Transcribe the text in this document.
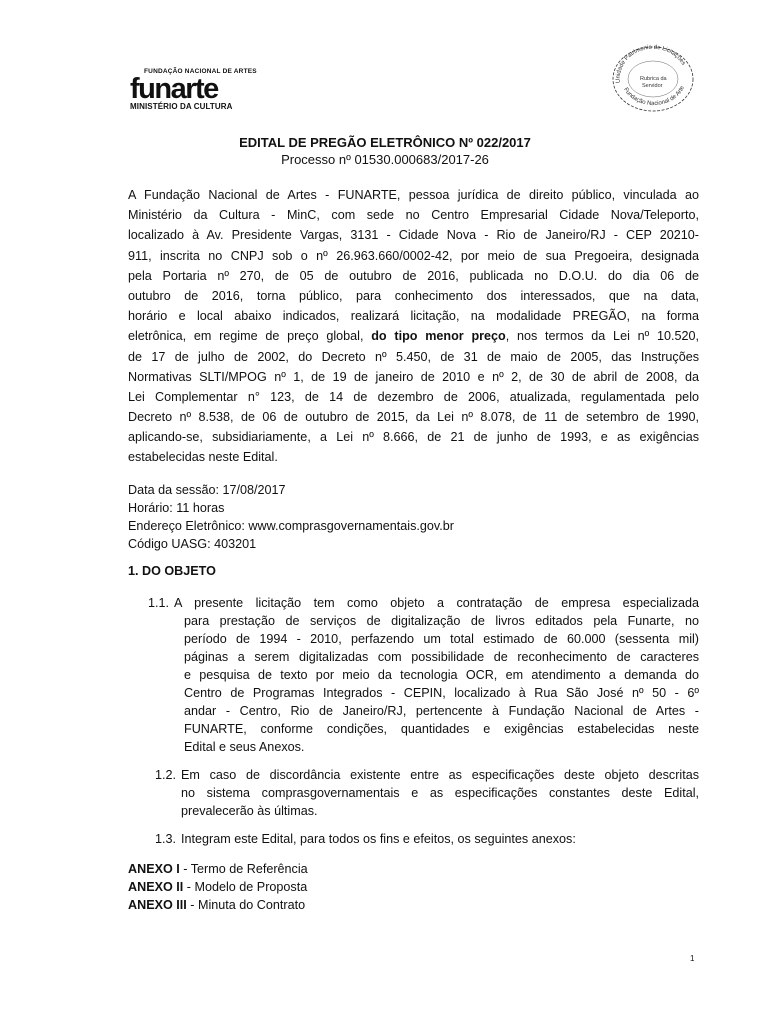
FUNDAÇÃO NACIONAL DE ARTES
funarte
MINISTÉRIO DA CULTURA
Unidade Patrimonio de Licitações
Fundação Nacional de Arte
Rubrica da
Servidor
EDITAL DE PREGÃO ELETRÔNICO Nº 022/2017
Processo nº 01530.000683/2017-26
A Fundação Nacional de Artes - FUNARTE, pessoa jurídica de direito público, vinculada ao
Ministério da Cultura - MinC, com sede no Centro Empresarial Cidade Nova/Teleporto,
localizado à Av. Presidente Vargas, 3131 - Cidade Nova - Rio de Janeiro/RJ - CEP 20210-
911, inscrita no CNPJ sob o nº 26.963.660/0002-42, por meio de sua Pregoeira, designada
pela Portaria nº 270, de 05 de outubro de 2016, publicada no D.O.U. do dia 06 de
outubro de 2016, torna público, para conhecimento dos interessados, que na data,
horário e local abaixo indicados, realizará licitação, na modalidade PREGÃO, na forma
eletrônica, em regime de preço global, do tipo menor preço, nos termos da Lei nº 10.520,
de 17 de julho de 2002, do Decreto nº 5.450, de 31 de maio de 2005, das Instruções
Normativas SLTI/MPOG nº 1, de 19 de janeiro de 2010 e nº 2, de 30 de abril de 2008, da
Lei Complementar n° 123, de 14 de dezembro de 2006, atualizada, regulamentada pelo
Decreto nº 8.538, de 06 de outubro de 2015, da Lei nº 8.078, de 11 de setembro de 1990,
aplicando-se, subsidiariamente, a Lei nº 8.666, de 21 de junho de 1993, e as exigências
estabelecidas neste Edital.
Data da sessão: 17/08/2017
Horário: 11 horas
Endereço Eletrônico: www.comprasgovernamentais.gov.br
Código UASG: 403201
1. DO OBJETO
1.1. A presente licitação tem como objeto a contratação de empresa especializada
para prestação de serviços de digitalização de livros editados pela Funarte, no
período de 1994 - 2010, perfazendo um total estimado de 60.000 (sessenta mil)
páginas a serem digitalizadas com possibilidade de reconhecimento de caracteres
e pesquisa de texto por meio da tecnologia OCR, em atendimento a demanda do
Centro de Programas Integrados - CEPIN, localizado à Rua São José nº 50 - 6º
andar - Centro, Rio de Janeiro/RJ, pertencente à Fundação Nacional de Artes -
FUNARTE, conforme condições, quantidades e exigências estabelecidas neste
Edital e seus Anexos.
1.2. Em caso de discordância existente entre as especificações deste objeto descritas
no sistema comprasgovernamentais e as especificações constantes deste Edital,
prevalecerão às últimas.
1.3. Integram este Edital, para todos os fins e efeitos, os seguintes anexos:
ANEXO I - Termo de Referência
ANEXO II - Modelo de Proposta
ANEXO III - Minuta do Contrato
1
